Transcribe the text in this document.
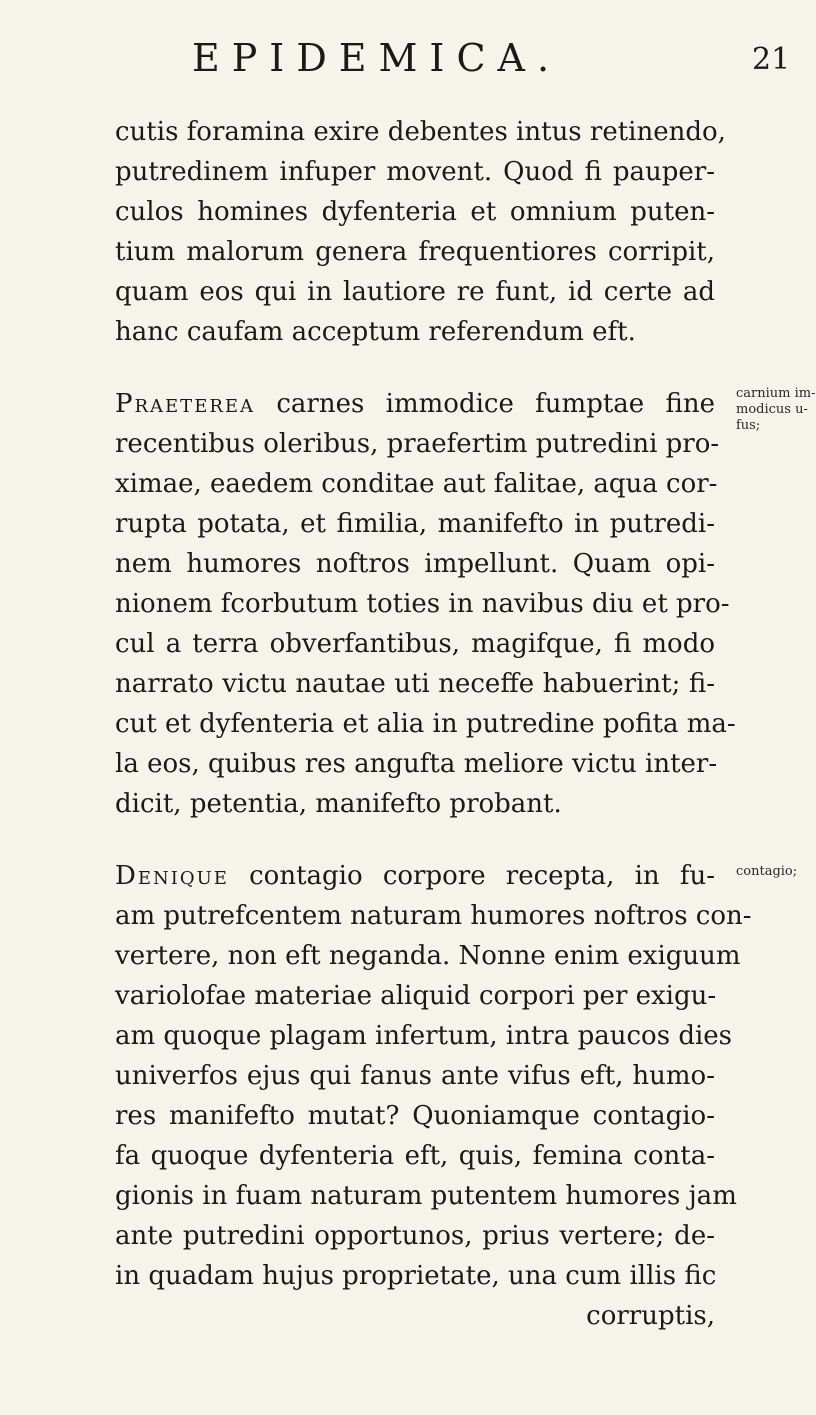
EPIDEMICA.	21
cutis foramina exire debentes intus retinendo,
putredinem infuper movent. Quod fi pauper-
culos homines dyfenteria et omnium puten-
tium malorum genera frequentiores corripit,
quam eos qui in lautiore re funt, id certe ad
hanc caufam acceptum referendum eft.
Praeterea carnes immodice fumptae fine
recentibus oleribus, praefertim putredini pro-
ximae, eaedem conditae aut falitae, aqua cor-
rupta potata, et fimilia, manifefto in putredi-
nem humores noftros impellunt. Quam opi-
nionem fcorbutum toties in navibus diu et pro-
cul a terra obverfantibus, magifque, fi modo
narrato victu nautae uti neceffe habuerint; fi-
cut et dyfenteria et alia in putredine pofita ma-
la eos, quibus res angufta meliore victu inter-
dicit, petentia, manifefto probant.
Denique contagio corpore recepta, in fu-
am putrefcentem naturam humores noftros con-
vertere, non eft neganda. Nonne enim exiguum
variolofae materiae aliquid corpori per exigu-
am quoque plagam infertum, intra paucos dies
univerfos ejus qui fanus ante vifus eft, humo-
res manifefto mutat? Quoniamque contagio-
fa quoque dyfenteria eft, quis, femina conta-
gionis in fuam naturam putentem humores jam
ante putredini opportunos, prius vertere; de-
in quadam hujus proprietate, una cum illis fic
corruptis,
carnium im-
modicus u-
fus;
contagio;
